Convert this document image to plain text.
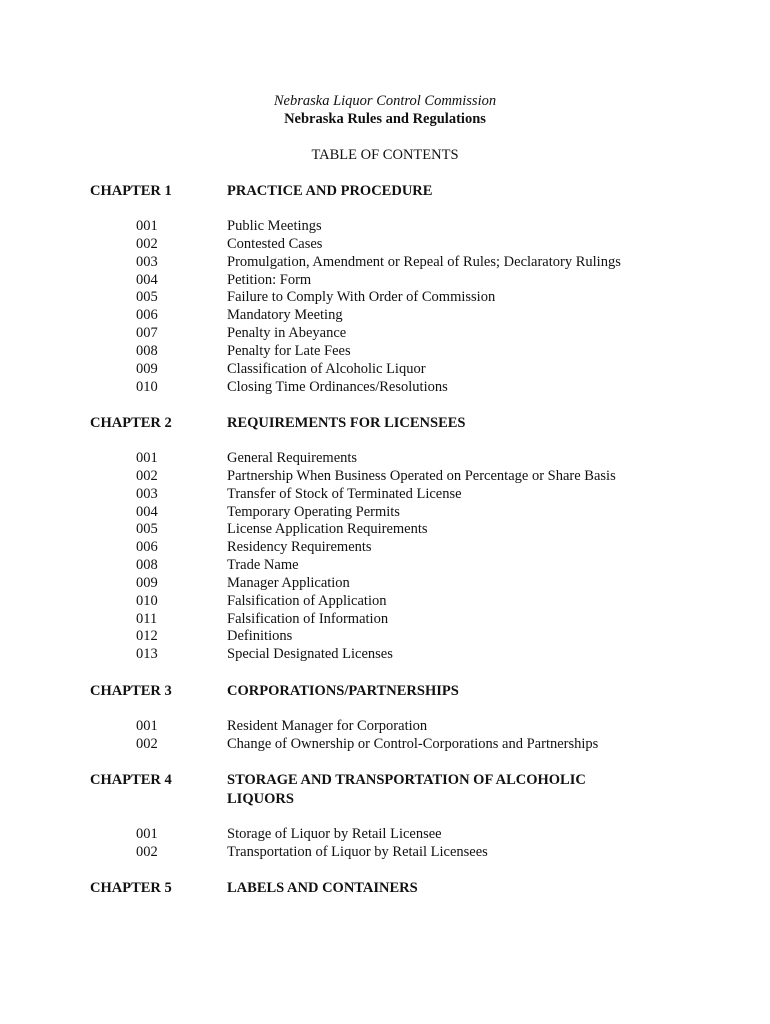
Nebraska Liquor Control Commission
Nebraska Rules and Regulations
TABLE OF CONTENTS
CHAPTER 1	PRACTICE AND PROCEDURE
001	Public Meetings
002	Contested Cases
003	Promulgation, Amendment or Repeal of Rules; Declaratory Rulings
004	Petition: Form
005	Failure to Comply With Order of Commission
006	Mandatory Meeting
007	Penalty in Abeyance
008	Penalty for Late Fees
009	Classification of Alcoholic Liquor
010	Closing Time Ordinances/Resolutions
CHAPTER 2	REQUIREMENTS FOR LICENSEES
001	General Requirements
002	Partnership When Business Operated on Percentage or Share Basis
003	Transfer of Stock of Terminated License
004	Temporary Operating Permits
005	License Application Requirements
006	Residency Requirements
008	Trade Name
009	Manager Application
010	Falsification of Application
011	Falsification of Information
012	Definitions
013	Special Designated Licenses
CHAPTER 3	CORPORATIONS/PARTNERSHIPS
001	Resident Manager for Corporation
002	Change of Ownership or Control-Corporations and Partnerships
CHAPTER 4	STORAGE AND TRANSPORTATION OF ALCOHOLIC LIQUORS
001	Storage of Liquor by Retail Licensee
002	Transportation of Liquor by Retail Licensees
CHAPTER 5	LABELS AND CONTAINERS
